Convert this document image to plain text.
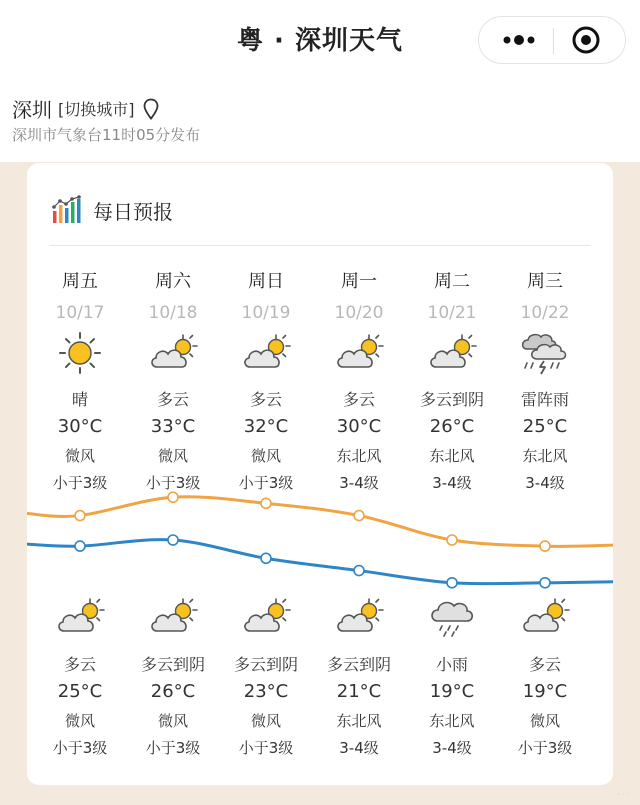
粤 · 深圳天气
深圳 [切换城市]
深圳市气象台11时05分发布
每日预报
周五
10/17
晴
30°C
微风
小于3级
多云
25°C
微风
小于3级
周六
10/18
多云
33°C
微风
小于3级
多云到阴
26°C
微风
小于3级
周日
10/19
多云
32°C
微风
小于3级
多云到阴
23°C
微风
小于3级
周一
10/20
多云
30°C
东北风
3-4级
多云到阴
21°C
东北风
3-4级
周二
10/21
多云到阴
26°C
东北风
3-4级
小雨
19°C
东北风
3-4级
周三
10/22
雷阵雨
25°C
东北风
3-4级
多云
19°C
微风
小于3级
· · ·
